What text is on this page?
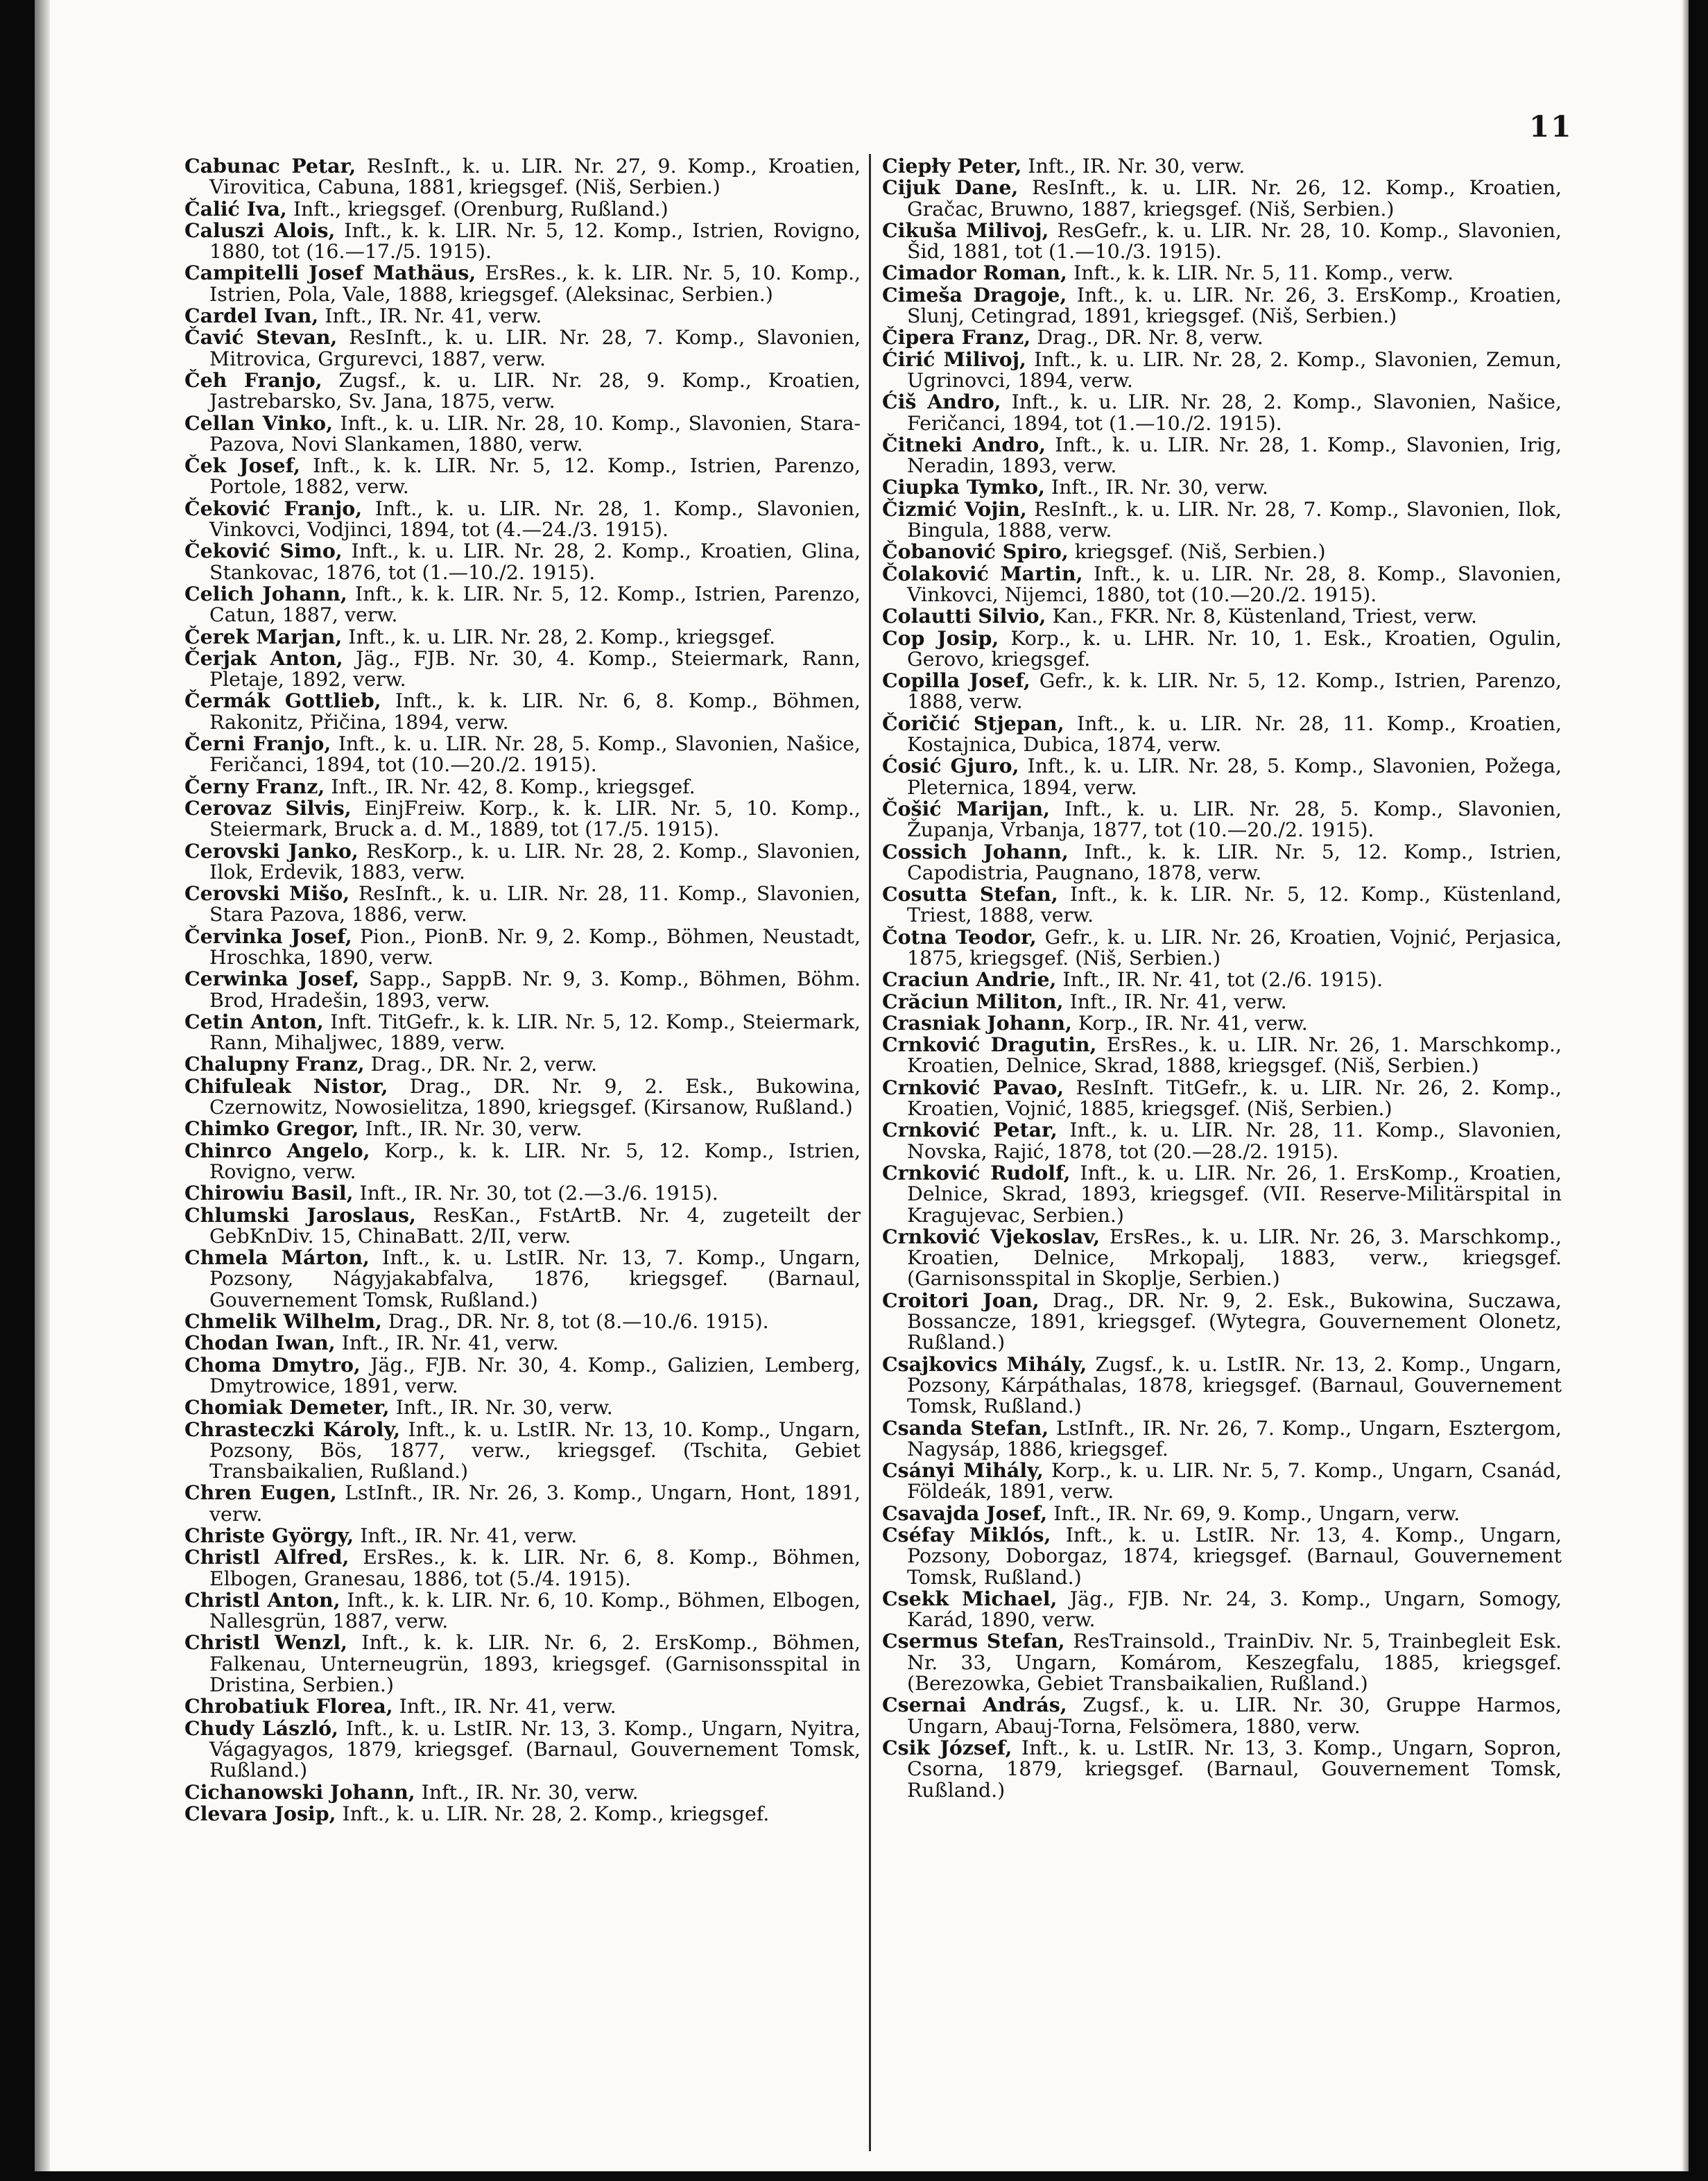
11

Cabunac Petar, ResInft., k. u. LIR. Nr. 27, 9. Komp., Kroatien, Virovitica, Cabuna, 1881, kriegsgef. (Niš, Serbien.)

Čalić Iva, Inft., kriegsgef. (Orenburg, Rußland.)

Caluszi Alois, Inft., k. k. LIR. Nr. 5, 12. Komp., Istrien, Rovigno, 1880, tot (16.—17./5. 1915).

Campitelli Josef Mathäus, ErsRes., k. k. LIR. Nr. 5, 10. Komp., Istrien, Pola, Vale, 1888, kriegsgef. (Aleksinac, Serbien.)

Cardel Ivan, Inft., IR. Nr. 41, verw.

Čavić Stevan, ResInft., k. u. LIR. Nr. 28, 7. Komp., Slavonien, Mitrovica, Grgurevci, 1887, verw.

Čeh Franjo, Zugsf., k. u. LIR. Nr. 28, 9. Komp., Kroatien, Jastrebarsko, Sv. Jana, 1875, verw.

Cellan Vinko, Inft., k. u. LIR. Nr. 28, 10. Komp., Slavonien, Stara-Pazova, Novi Slankamen, 1880, verw.

Ček Josef, Inft., k. k. LIR. Nr. 5, 12. Komp., Istrien, Parenzo, Portole, 1882, verw.

Čeković Franjo, Inft., k. u. LIR. Nr. 28, 1. Komp., Slavonien, Vinkovci, Vodjinci, 1894, tot (4.—24./3. 1915).

Čeković Simo, Inft., k. u. LIR. Nr. 28, 2. Komp., Kroatien, Glina, Stankovac, 1876, tot (1.—10./2. 1915).

Celich Johann, Inft., k. k. LIR. Nr. 5, 12. Komp., Istrien, Parenzo, Catun, 1887, verw.

Čerek Marjan, Inft., k. u. LIR. Nr. 28, 2. Komp., kriegsgef.

Čerjak Anton, Jäg., FJB. Nr. 30, 4. Komp., Steiermark, Rann, Pletaje, 1892, verw.

Čermák Gottlieb, Inft., k. k. LIR. Nr. 6, 8. Komp., Böhmen, Rakonitz, Přičina, 1894, verw.

Černi Franjo, Inft., k. u. LIR. Nr. 28, 5. Komp., Slavonien, Našice, Feričanci, 1894, tot (10.—20./2. 1915).

Černy Franz, Inft., IR. Nr. 42, 8. Komp., kriegsgef.

Cerovaz Silvis, EinjFreiw. Korp., k. k. LIR. Nr. 5, 10. Komp., Steiermark, Bruck a. d. M., 1889, tot (17./5. 1915).

Cerovski Janko, ResKorp., k. u. LIR. Nr. 28, 2. Komp., Slavonien, Ilok, Erdevik, 1883, verw.

Cerovski Mišo, ResInft., k. u. LIR. Nr. 28, 11. Komp., Slavonien, Stara Pazova, 1886, verw.

Červinka Josef, Pion., PionB. Nr. 9, 2. Komp., Böhmen, Neustadt, Hroschka, 1890, verw.

Cerwinka Josef, Sapp., SappB. Nr. 9, 3. Komp., Böhmen, Böhm. Brod, Hradešin, 1893, verw.

Cetin Anton, Inft. TitGefr., k. k. LIR. Nr. 5, 12. Komp., Steiermark, Rann, Mihaljwec, 1889, verw.

Chalupny Franz, Drag., DR. Nr. 2, verw.

Chifuleak Nistor, Drag., DR. Nr. 9, 2. Esk., Bukowina, Czernowitz, Nowosielitza, 1890, kriegsgef. (Kirsanow, Rußland.)

Chimko Gregor, Inft., IR. Nr. 30, verw.

Chinrco Angelo, Korp., k. k. LIR. Nr. 5, 12. Komp., Istrien, Rovigno, verw.

Chirowiu Basil, Inft., IR. Nr. 30, tot (2.—3./6. 1915).

Chlumski Jaroslaus, ResKan., FstArtB. Nr. 4, zugeteilt der GebKnDiv. 15, ChinaBatt. 2/II, verw.

Chmela Márton, Inft., k. u. LstIR. Nr. 13, 7. Komp., Ungarn, Pozsony, Nágyjakabfalva, 1876, kriegsgef. (Barnaul, Gouvernement Tomsk, Rußland.)

Chmelik Wilhelm, Drag., DR. Nr. 8, tot (8.—10./6. 1915).

Chodan Iwan, Inft., IR. Nr. 41, verw.

Choma Dmytro, Jäg., FJB. Nr. 30, 4. Komp., Galizien, Lemberg, Dmytrowice, 1891, verw.

Chomiak Demeter, Inft., IR. Nr. 30, verw.

Chrasteczki Károly, Inft., k. u. LstIR. Nr. 13, 10. Komp., Ungarn, Pozsony, Bös, 1877, verw., kriegsgef. (Tschita, Gebiet Transbaikalien, Rußland.)

Chren Eugen, LstInft., IR. Nr. 26, 3. Komp., Ungarn, Hont, 1891, verw.

Christe György, Inft., IR. Nr. 41, verw.

Christl Alfred, ErsRes., k. k. LIR. Nr. 6, 8. Komp., Böhmen, Elbogen, Granesau, 1886, tot (5./4. 1915).

Christl Anton, Inft., k. k. LIR. Nr. 6, 10. Komp., Böhmen, Elbogen, Nallesgrün, 1887, verw.

Christl Wenzl, Inft., k. k. LIR. Nr. 6, 2. ErsKomp., Böhmen, Falkenau, Unterneugrün, 1893, kriegsgef. (Garnisonsspital in Dristina, Serbien.)

Chrobatiuk Florea, Inft., IR. Nr. 41, verw.

Chudy László, Inft., k. u. LstIR. Nr. 13, 3. Komp., Ungarn, Nyitra, Vágagyagos, 1879, kriegsgef. (Barnaul, Gouvernement Tomsk, Rußland.)

Cichanowski Johann, Inft., IR. Nr. 30, verw.

Clevara Josip, Inft., k. u. LIR. Nr. 28, 2. Komp., kriegsgef.

Ciepły Peter, Inft., IR. Nr. 30, verw.

Cijuk Dane, ResInft., k. u. LIR. Nr. 26, 12. Komp., Kroatien, Gračac, Bruwno, 1887, kriegsgef. (Niš, Serbien.)

Cikuša Milivoj, ResGefr., k. u. LIR. Nr. 28, 10. Komp., Slavonien, Šid, 1881, tot (1.—10./3. 1915).

Cimador Roman, Inft., k. k. LIR. Nr. 5, 11. Komp., verw.

Cimeša Dragoje, Inft., k. u. LIR. Nr. 26, 3. ErsKomp., Kroatien, Slunj, Cetingrad, 1891, kriegsgef. (Niš, Serbien.)

Čipera Franz, Drag., DR. Nr. 8, verw.

Ćirić Milivoj, Inft., k. u. LIR. Nr. 28, 2. Komp., Slavonien, Zemun, Ugrinovci, 1894, verw.

Ćiš Andro, Inft., k. u. LIR. Nr. 28, 2. Komp., Slavonien, Našice, Feričanci, 1894, tot (1.—10./2. 1915).

Čitneki Andro, Inft., k. u. LIR. Nr. 28, 1. Komp., Slavonien, Irig, Neradin, 1893, verw.

Ciupka Tymko, Inft., IR. Nr. 30, verw.

Čizmić Vojin, ResInft., k. u. LIR. Nr. 28, 7. Komp., Slavonien, Ilok, Bingula, 1888, verw.

Čobanović Spiro, kriegsgef. (Niš, Serbien.)

Čolaković Martin, Inft., k. u. LIR. Nr. 28, 8. Komp., Slavonien, Vinkovci, Nijemci, 1880, tot (10.—20./2. 1915).

Colautti Silvio, Kan., FKR. Nr. 8, Küstenland, Triest, verw.

Cop Josip, Korp., k. u. LHR. Nr. 10, 1. Esk., Kroatien, Ogulin, Gerovo, kriegsgef.

Copilla Josef, Gefr., k. k. LIR. Nr. 5, 12. Komp., Istrien, Parenzo, 1888, verw.

Čoričić Stjepan, Inft., k. u. LIR. Nr. 28, 11. Komp., Kroatien, Kostajnica, Dubica, 1874, verw.

Ćosić Gjuro, Inft., k. u. LIR. Nr. 28, 5. Komp., Slavonien, Požega, Pleternica, 1894, verw.

Čošić Marijan, Inft., k. u. LIR. Nr. 28, 5. Komp., Slavonien, Županja, Vrbanja, 1877, tot (10.—20./2. 1915).

Cossich Johann, Inft., k. k. LIR. Nr. 5, 12. Komp., Istrien, Capodistria, Paugnano, 1878, verw.

Cosutta Stefan, Inft., k. k. LIR. Nr. 5, 12. Komp., Küstenland, Triest, 1888, verw.

Čotna Teodor, Gefr., k. u. LIR. Nr. 26, Kroatien, Vojnić, Perjasica, 1875, kriegsgef. (Niš, Serbien.)

Craciun Andrie, Inft., IR. Nr. 41, tot (2./6. 1915).

Crăciun Militon, Inft., IR. Nr. 41, verw.

Crasniak Johann, Korp., IR. Nr. 41, verw.

Crnković Dragutin, ErsRes., k. u. LIR. Nr. 26, 1. Marschkomp., Kroatien, Delnice, Skrad, 1888, kriegsgef. (Niš, Serbien.)

Crnković Pavao, ResInft. TitGefr., k. u. LIR. Nr. 26, 2. Komp., Kroatien, Vojnić, 1885, kriegsgef. (Niš, Serbien.)

Crnković Petar, Inft., k. u. LIR. Nr. 28, 11. Komp., Slavonien, Novska, Rajić, 1878, tot (20.—28./2. 1915).

Crnković Rudolf, Inft., k. u. LIR. Nr. 26, 1. ErsKomp., Kroatien, Delnice, Skrad, 1893, kriegsgef. (VII. Reserve-Militärspital in Kragujevac, Serbien.)

Crnković Vjekoslav, ErsRes., k. u. LIR. Nr. 26, 3. Marschkomp., Kroatien, Delnice, Mrkopalj, 1883, verw., kriegsgef. (Garnisonsspital in Skoplje, Serbien.)

Croitori Joan, Drag., DR. Nr. 9, 2. Esk., Bukowina, Suczawa, Bossancze, 1891, kriegsgef. (Wytegra, Gouvernement Olonetz, Rußland.)

Csajkovics Mihály, Zugsf., k. u. LstIR. Nr. 13, 2. Komp., Ungarn, Pozsony, Kárpáthalas, 1878, kriegsgef. (Barnaul, Gouvernement Tomsk, Rußland.)

Csanda Stefan, LstInft., IR. Nr. 26, 7. Komp., Ungarn, Esztergom, Nagysáp, 1886, kriegsgef.

Csányi Mihály, Korp., k. u. LIR. Nr. 5, 7. Komp., Ungarn, Csanád, Földeák, 1891, verw.

Csavajda Josef, Inft., IR. Nr. 69, 9. Komp., Ungarn, verw.

Cséfay Miklós, Inft., k. u. LstIR. Nr. 13, 4. Komp., Ungarn, Pozsony, Doborgaz, 1874, kriegsgef. (Barnaul, Gouvernement Tomsk, Rußland.)

Csekk Michael, Jäg., FJB. Nr. 24, 3. Komp., Ungarn, Somogy, Karád, 1890, verw.

Csermus Stefan, ResTrainsold., TrainDiv. Nr. 5, Trainbegleit Esk. Nr. 33, Ungarn, Komárom, Keszegfalu, 1885, kriegsgef. (Berezowka, Gebiet Transbaikalien, Rußland.)

Csernai András, Zugsf., k. u. LIR. Nr. 30, Gruppe Harmos, Ungarn, Abauj-Torna, Felsömera, 1880, verw.

Csik József, Inft., k. u. LstIR. Nr. 13, 3. Komp., Ungarn, Sopron, Csorna, 1879, kriegsgef. (Barnaul, Gouvernement Tomsk, Rußland.)
